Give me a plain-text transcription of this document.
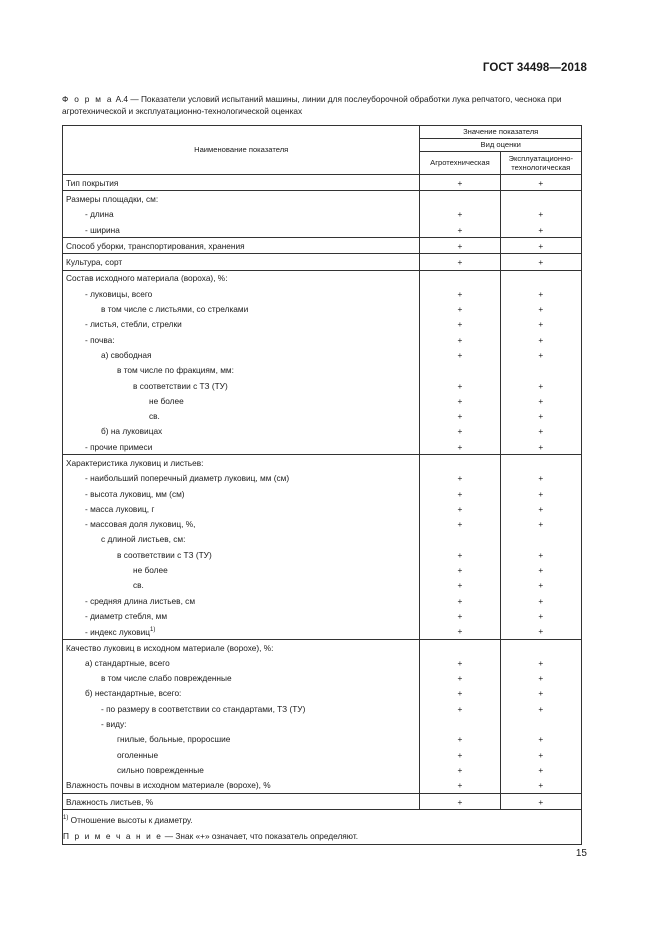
ГОСТ 34498—2018
Ф о р м а А.4 — Показатели условий испытаний машины, линии для послеуборочной обработки лука репчатого, чеснока при агротехнической и эксплуатационно-технологической оценках
Наименование показателя	Значение показателя	
	Вид оценки	
	Агротехническая	Эксплуатационно-
технологическая
Тип покрытия	+	+
Размеры площадки, см:		
- длина	+	+
- ширина	+	+
Способ уборки, транспортирования, хранения	+	+
Культура, сорт	+	+
Состав исходного материала (вороха), %:		
- луковицы, всего	+	+
в том числе с листьями, со стрелками	+	+
- листья, стебли, стрелки	+	+
- почва:	+	+
а) свободная	+	+
в том числе по фракциям, мм:		
в соответствии с ТЗ (ТУ)	+	+
не более	+	+
св.	+	+
б) на луковицах	+	+
- прочие примеси	+	+
Характеристика луковиц и листьев:		
- наибольший поперечный диаметр луковиц, мм (см)	+	+
- высота луковиц, мм (см)	+	+
- масса луковиц, г	+	+
- массовая доля луковиц, %,	+	+
с длиной листьев, см:		
в соответствии с ТЗ (ТУ)	+	+
не более	+	+
св.	+	+
- средняя длина листьев, см	+	+
- диаметр стебля, мм	+	+
- индекс луковиц$^{1)}$	+	+
Качество луковиц в исходном материале (ворохе), %:		
а) стандартные, всего	+	+
в том числе слабо поврежденные	+	+
б) нестандартные, всего:	+	+
- по размеру в соответствии со стандартами, ТЗ (ТУ)	+	+
- виду:		
гнилые, больные, проросшие	+	+
оголенные	+	+
сильно поврежденные	+	+
Влажность почвы в исходном материале (ворохе), %	+	+
Влажность листьев, %	+	+

$^{1)}$ Отношение высоты к диаметру.
П р и м е ч а н и е — Знак «+» означает, что показатель определяют.		
15
